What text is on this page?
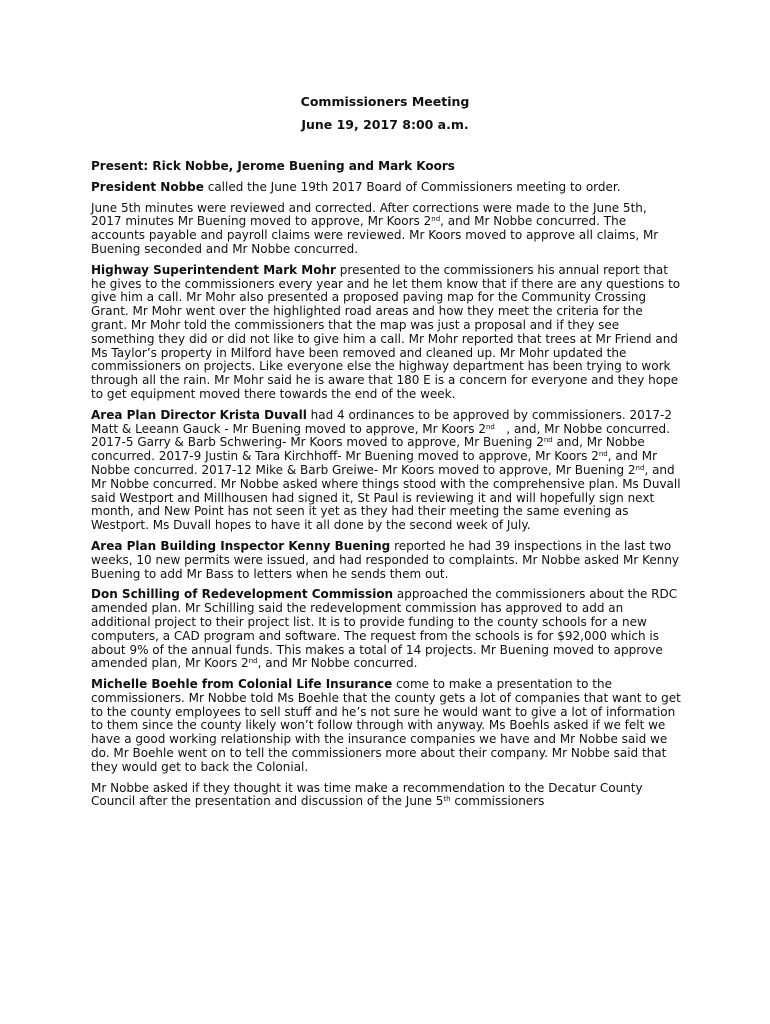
Commissioners Meeting
June 19, 2017 8:00 a.m.

Present: Rick Nobbe, Jerome Buening and Mark Koors

President Nobbe called the June 19th 2017 Board of Commissioners meeting to order.

June 5th minutes were reviewed and corrected. After corrections were made to the June 5th, 2017 minutes Mr Buening moved to approve, Mr Koors 2nd, and Mr Nobbe concurred. The accounts payable and payroll claims were reviewed. Mr Koors moved to approve all claims, Mr Buening seconded and Mr Nobbe concurred.

Highway Superintendent Mark Mohr presented to the commissioners his annual report that he gives to the commissioners every year and he let them know that if there are any questions to give him a call. Mr Mohr also presented a proposed paving map for the Community Crossing Grant. Mr Mohr went over the highlighted road areas and how they meet the criteria for the grant. Mr Mohr told the commissioners that the map was just a proposal and if they see something they did or did not like to give him a call. Mr Mohr reported that trees at Mr Friend and Ms Taylor’s property in Milford have been removed and cleaned up. Mr Mohr updated the commissioners on projects. Like everyone else the highway department has been trying to work through all the rain. Mr Mohr said he is aware that 180 E is a concern for everyone and they hope to get equipment moved there towards the end of the week.

Area Plan Director Krista Duvall had 4 ordinances to be approved by commissioners. 2017-2 Matt & Leeann Gauck - Mr Buening moved to approve, Mr Koors 2nd   , and, Mr Nobbe concurred. 2017-5 Garry & Barb Schwering- Mr Koors moved to approve, Mr Buening 2nd and, Mr Nobbe concurred. 2017-9 Justin & Tara Kirchhoff- Mr Buening moved to approve, Mr Koors 2nd, and Mr Nobbe concurred. 2017-12 Mike & Barb Greiwe- Mr Koors moved to approve, Mr Buening 2nd, and Mr Nobbe concurred. Mr Nobbe asked where things stood with the comprehensive plan. Ms Duvall said Westport and Millhousen had signed it, St Paul is reviewing it and will hopefully sign next month, and New Point has not seen it yet as they had their meeting the same evening as Westport. Ms Duvall hopes to have it all done by the second week of July.

Area Plan Building Inspector Kenny Buening reported he had 39 inspections in the last two weeks, 10 new permits were issued, and had responded to complaints. Mr Nobbe asked Mr Kenny Buening to add Mr Bass to letters when he sends them out.

Don Schilling of Redevelopment Commission approached the commissioners about the RDC amended plan. Mr Schilling said the redevelopment commission has approved to add an additional project to their project list. It is to provide funding to the county schools for a new computers, a CAD program and software. The request from the schools is for $92,000 which is about 9% of the annual funds. This makes a total of 14 projects. Mr Buening moved to approve amended plan, Mr Koors 2nd, and Mr Nobbe concurred.

Michelle Boehle from Colonial Life Insurance come to make a presentation to the commissioners. Mr Nobbe told Ms Boehle that the county gets a lot of companies that want to get to the county employees to sell stuff and he’s not sure he would want to give a lot of information to them since the county likely won’t follow through with anyway. Ms Boehls asked if we felt we have a good working relationship with the insurance companies we have and Mr Nobbe said we do. Mr Boehle went on to tell the commissioners more about their company. Mr Nobbe said that they would get to back the Colonial.

Mr Nobbe asked if they thought it was time make a recommendation to the Decatur County Council after the presentation and discussion of the June 5th commissioners
